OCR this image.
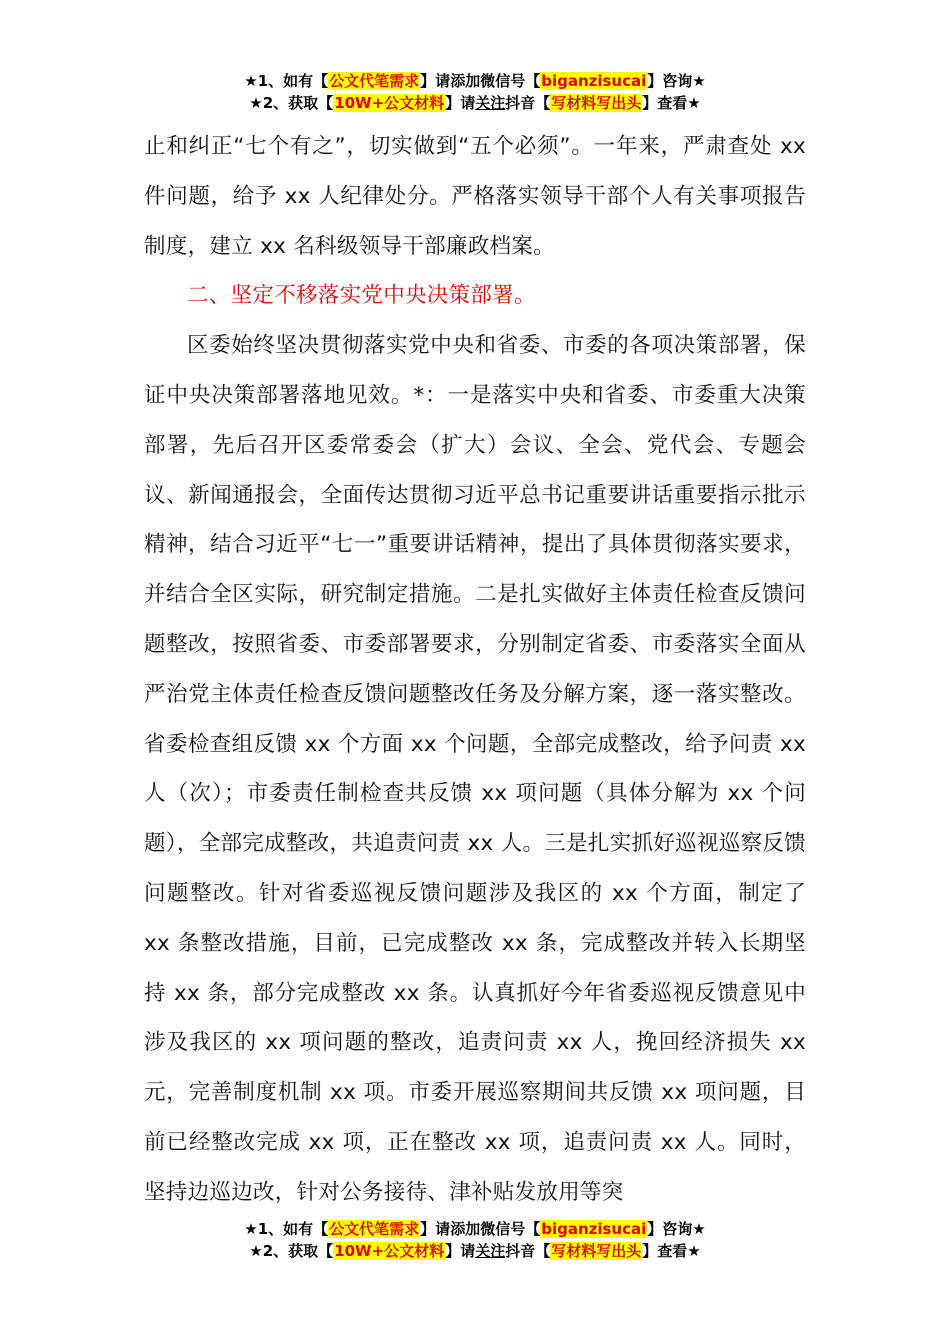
★1、如有【公文代笔需求】请添加微信号【biganzisucai】咨询★
★2、获取【10W+公文材料】请关注抖音【写材料写出头】查看★

止和纠正“七个有之”，切实做到“五个必须”。一年来，严肃查处 xx 件问题，给予 xx 人纪律处分。严格落实领导干部个人有关事项报告制度，建立 xx 名科级领导干部廉政档案。

二、坚定不移落实党中央决策部署。

区委始终坚决贯彻落实党中央和省委、市委的各项决策部署，保证中央决策部署落地见效。*：一是落实中央和省委、市委重大决策部署，先后召开区委常委会（扩大）会议、全会、党代会、专题会议、新闻通报会，全面传达贯彻习近平总书记重要讲话重要指示批示精神，结合习近平“七一”重要讲话精神，提出了具体贯彻落实要求，并结合全区实际，研究制定措施。二是扎实做好主体责任检查反馈问题整改，按照省委、市委部署要求，分别制定省委、市委落实全面从严治党主体责任检查反馈问题整改任务及分解方案，逐一落实整改。省委检查组反馈 xx 个方面 xx 个问题，全部完成整改，给予问责 xx 人（次）；市委责任制检查共反馈 xx 项问题（具体分解为 xx 个问题），全部完成整改，共追责问责 xx 人。三是扎实抓好巡视巡察反馈问题整改。针对省委巡视反馈问题涉及我区的 xx 个方面，制定了 xx 条整改措施，目前，已完成整改 xx 条，完成整改并转入长期坚持 xx 条，部分完成整改 xx 条。认真抓好今年省委巡视反馈意见中涉及我区的 xx 项问题的整改，追责问责 xx 人，挽回经济损失 xx 元，完善制度机制 xx 项。市委开展巡察期间共反馈 xx 项问题，目前已经整改完成 xx 项，正在整改 xx 项，追责问责 xx 人。同时，坚持边巡边改，针对公务接待、津补贴发放用等突

★1、如有【公文代笔需求】请添加微信号【biganzisucai】咨询★
★2、获取【10W+公文材料】请关注抖音【写材料写出头】查看★
